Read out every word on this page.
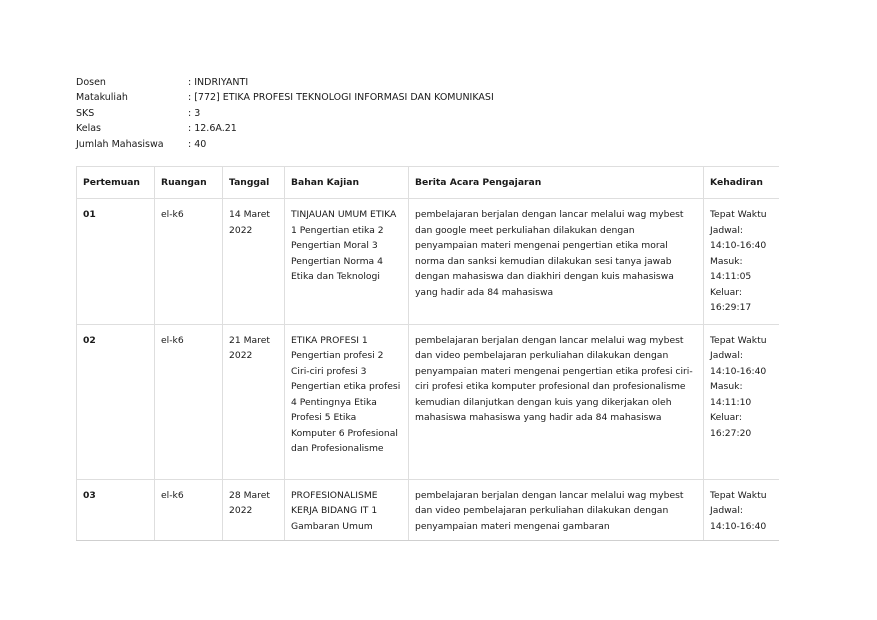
Dosen	: INDRIYANTI
Matakuliah	: [772] ETIKA PROFESI TEKNOLOGI INFORMASI DAN KOMUNIKASI
SKS	: 3
Kelas	: 12.6A.21
Jumlah Mahasiswa	: 40
Pertemuan	Ruangan	Tanggal	Bahan Kajian	Berita Acara Pengajaran	Kehadiran
01	el-k6	14 Maret 2022	TINJAUAN UMUM ETIKA 1 Pengertian etika 2 Pengertian Moral 3 Pengertian Norma 4 Etika dan Teknologi	pembelajaran berjalan dengan lancar melalui wag mybest dan google meet perkuliahan dilakukan dengan penyampaian materi mengenai pengertian etika moral norma dan sanksi kemudian dilakukan sesi tanya jawab dengan mahasiswa dan diakhiri dengan kuis mahasiswa yang hadir ada 84 mahasiswa	Tepat Waktu Jadwal: 14:10-16:40 Masuk: 14:11:05 Keluar: 16:29:17
02	el-k6	21 Maret 2022	ETIKA PROFESI 1 Pengertian profesi 2 Ciri-ciri profesi 3 Pengertian etika profesi 4 Pentingnya Etika Profesi 5 Etika Komputer 6 Profesional dan Profesionalisme	pembelajaran berjalan dengan lancar melalui wag mybest dan video pembelajaran perkuliahan dilakukan dengan penyampaian materi mengenai pengertian etika profesi ciri-ciri profesi etika komputer profesional dan profesionalisme kemudian dilanjutkan dengan kuis yang dikerjakan oleh mahasiswa mahasiswa yang hadir ada 84 mahasiswa	Tepat Waktu Jadwal: 14:10-16:40 Masuk: 14:11:10 Keluar: 16:27:20
03	el-k6	28 Maret 2022	PROFESIONALISME KERJA BIDANG IT 1 Gambaran Umum	pembelajaran berjalan dengan lancar melalui wag mybest dan video pembelajaran perkuliahan dilakukan dengan penyampaian materi mengenai gambaran	Tepat Waktu Jadwal: 14:10-16:40
